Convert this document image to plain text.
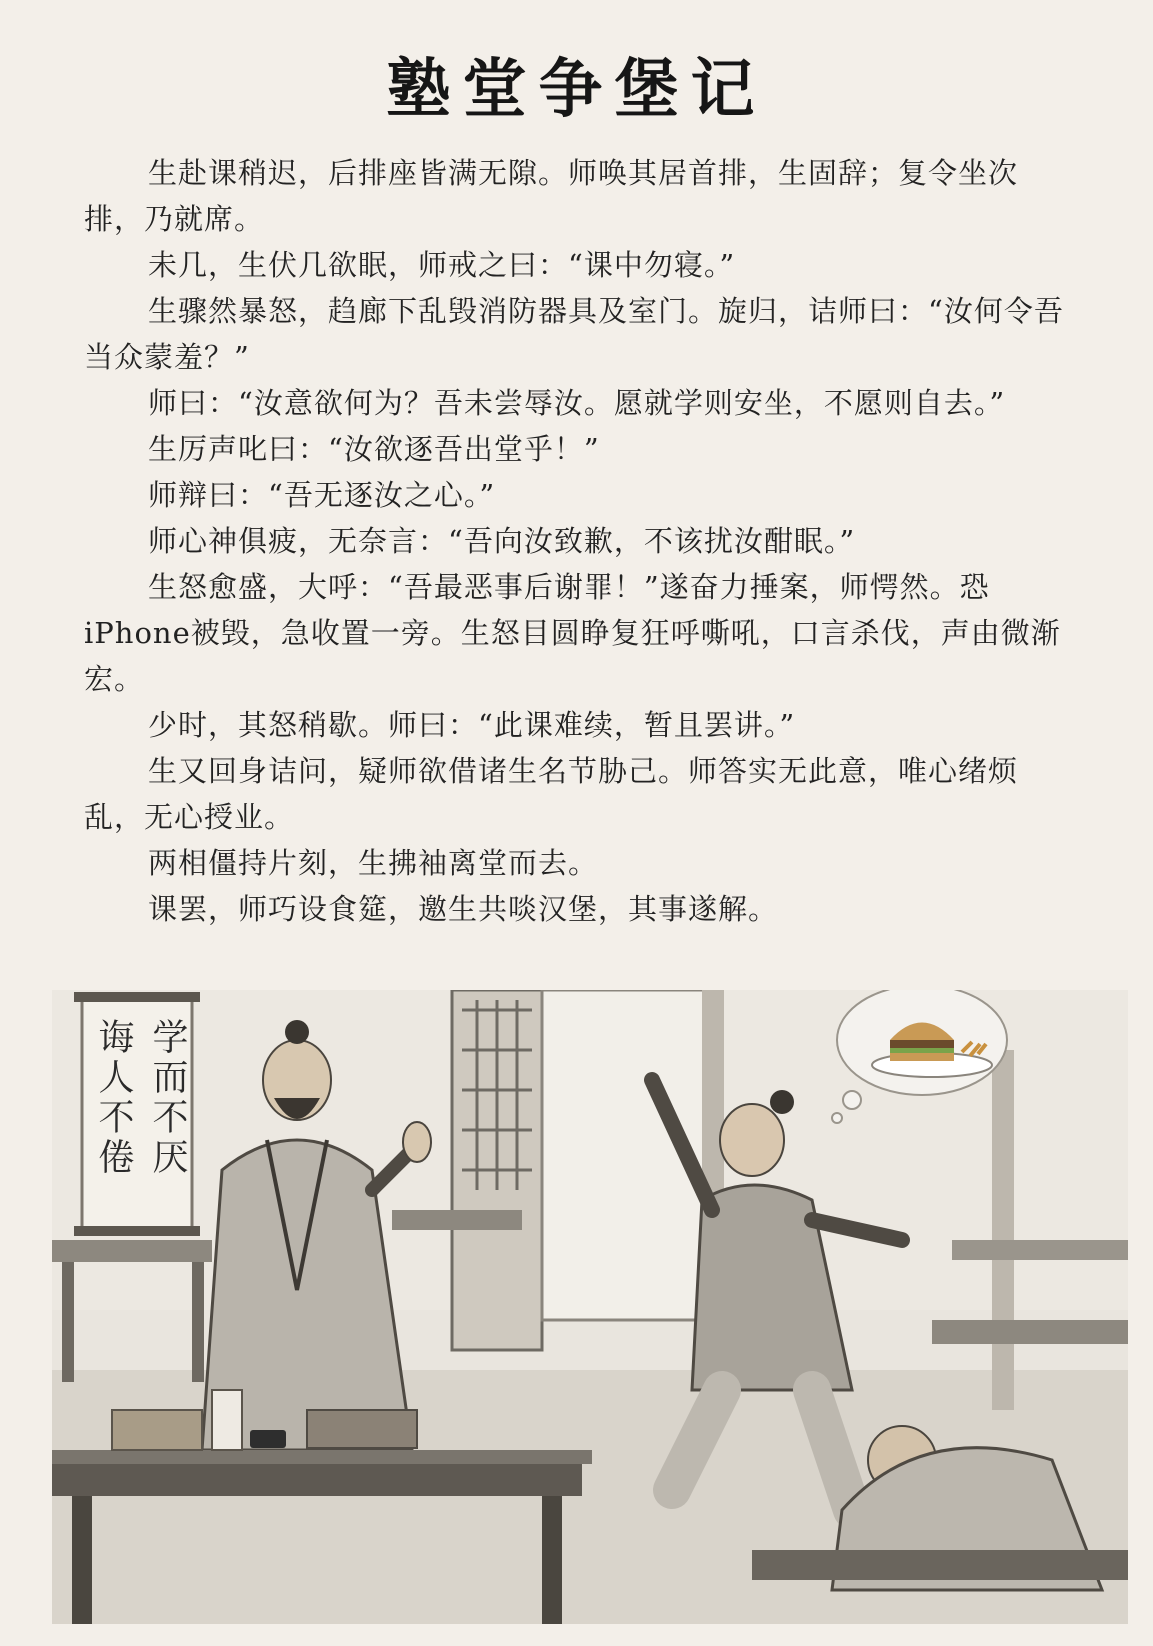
塾堂争堡记

生赴课稍迟，后排座皆满无隙。师唤其居首排，生固辞；复令坐次排，乃就席。

未几，生伏几欲眠，师戒之曰：“课中勿寝。”

生骤然暴怒，趋廊下乱毁消防器具及室门。旋归，诘师曰：“汝何令吾当众蒙羞？”

师曰：“汝意欲何为？吾未尝辱汝。愿就学则安坐，不愿则自去。”

生厉声叱曰：“汝欲逐吾出堂乎！”

师辩曰：“吾无逐汝之心。”

师心神俱疲，无奈言：“吾向汝致歉，不该扰汝酣眠。”

生怒愈盛，大呼：“吾最恶事后谢罪！”遂奋力捶案，师愕然。恐iPhone被毁，急收置一旁。生怒目圆睁复狂呼嘶吼，口言杀伐，声由微渐宏。

少时，其怒稍歇。师曰：“此课难续，暂且罢讲。”

生又回身诘问，疑师欲借诸生名节胁己。师答实无此意，唯心绪烦乱，无心授业。

两相僵持片刻，生拂袖离堂而去。

课罢，师巧设食筵，邀生共啖汉堡，其事遂解。

学而不厌
诲人不倦
